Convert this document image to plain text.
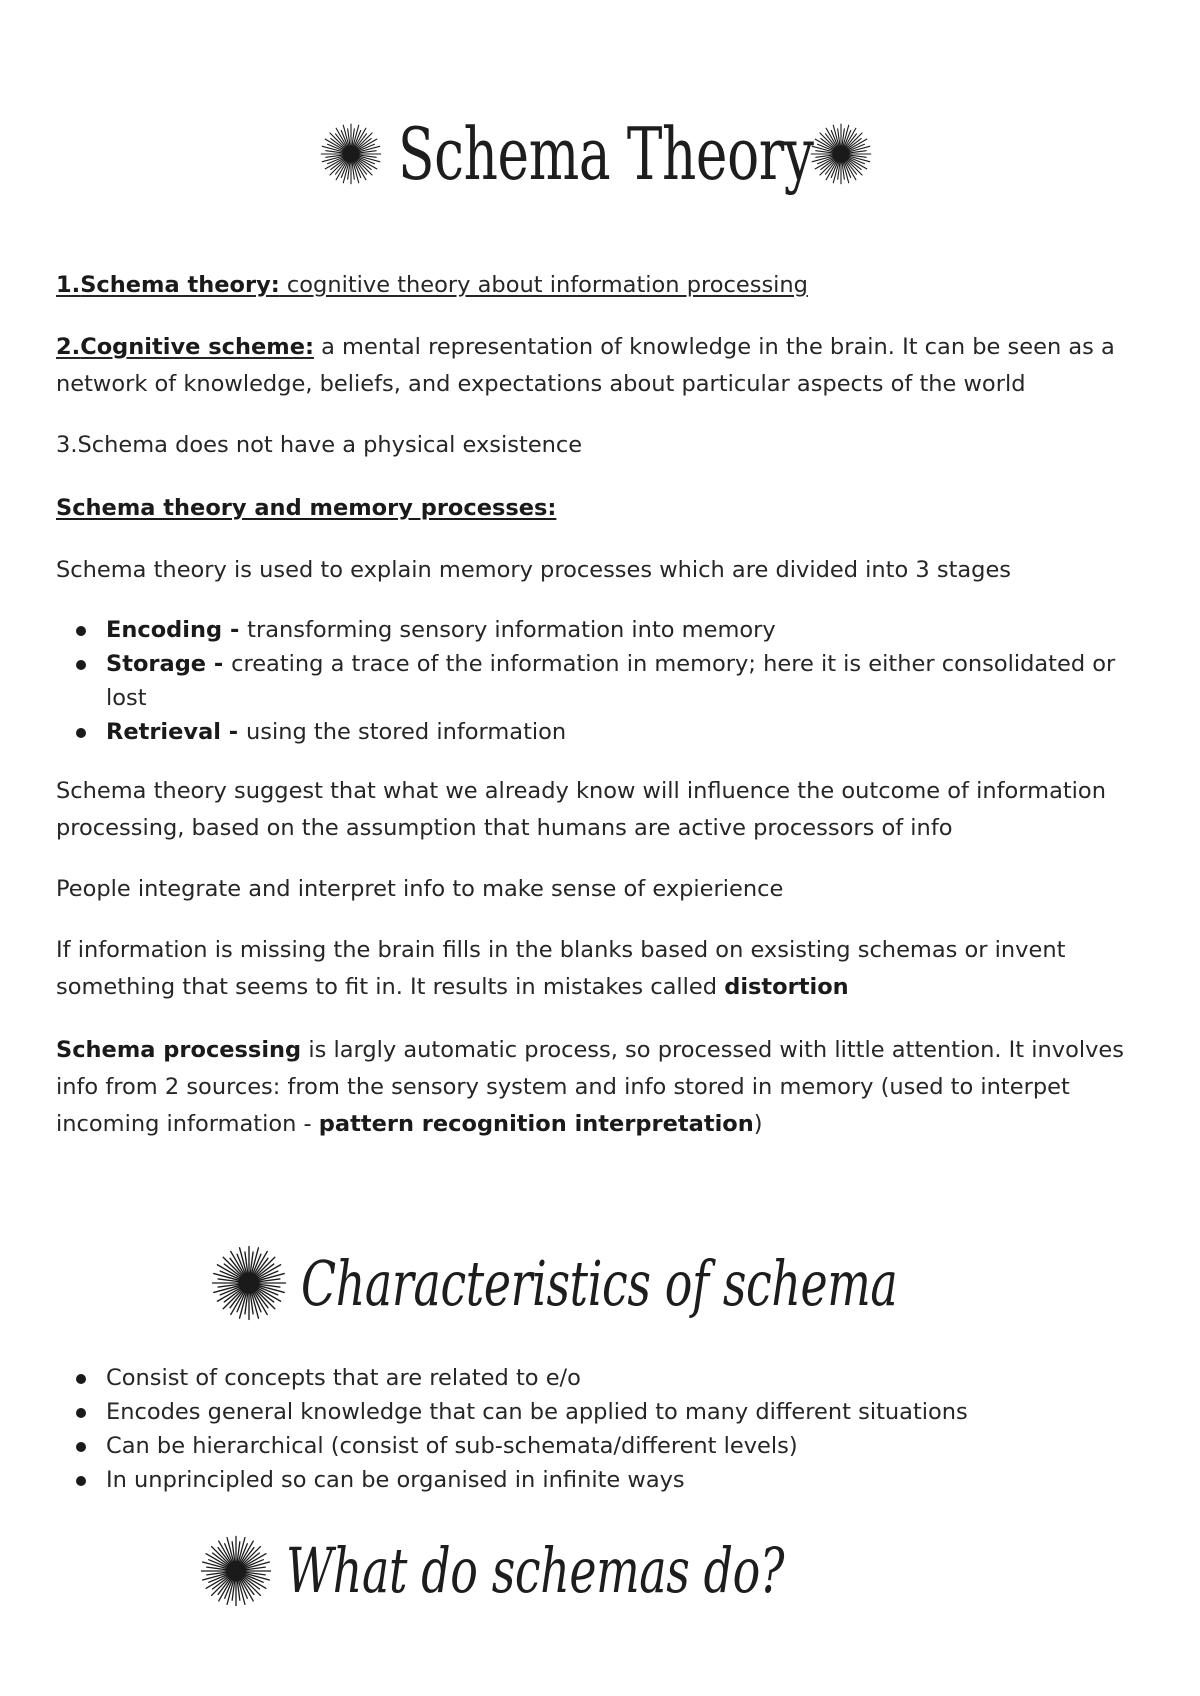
Schema Theory

1.Schema theory: cognitive theory about information processing

2.Cognitive scheme: a mental representation of knowledge in the brain. It can be seen as a network of knowledge, beliefs, and expectations about particular aspects of the world

3.Schema does not have a physical exsistence

Schema theory and memory processes:

Schema theory is used to explain memory processes which are divided into 3 stages

Encoding - transforming sensory information into memory
Storage - creating a trace of the information in memory; here it is either consolidated or lost
Retrieval - using the stored information

Schema theory suggest that what we already know will influence the outcome of information processing, based on the assumption that humans are active processors of info

People integrate and interpret info to make sense of expierience

If information is missing the brain fills in the blanks based on exsisting schemas or invent something that seems to fit in. It results in mistakes called distortion

Schema processing is largly automatic process, so processed with little attention. It involves info from 2 sources: from the sensory system and info stored in memory (used to interpet incoming information - pattern recognition interpretation)

Characteristics of schema
Consist of concepts that are related to e/o
Encodes general knowledge that can be applied to many different situations
Can be hierarchical (consist of sub-schemata/different levels)
In unprincipled so can be organised in infinite ways
What do schemas do?
